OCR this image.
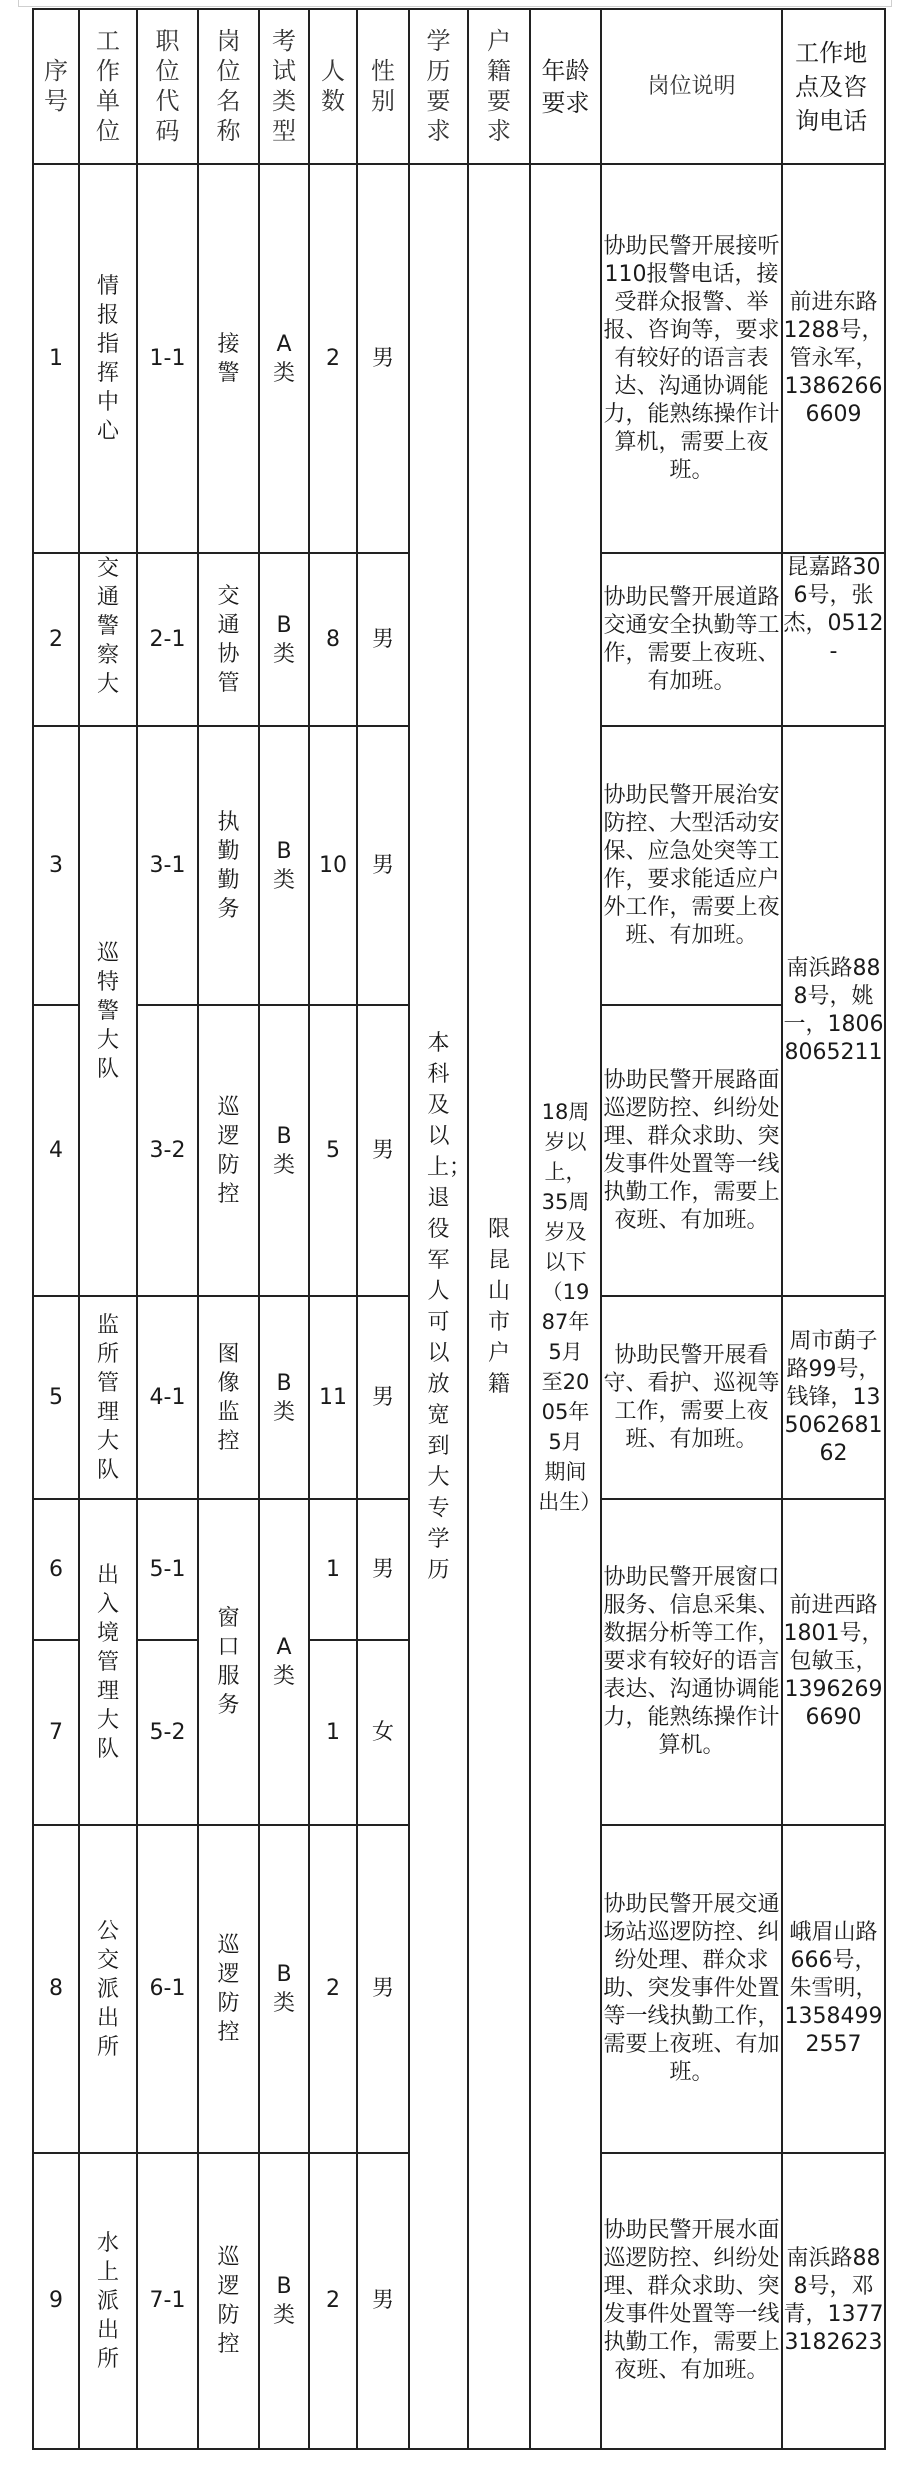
序号	工作单位	职位代码	岗位名称	考试类型	人数	性别	学历要求	户籍要求	年龄要求	岗位说明	工作地点及咨询电话
1	情报指挥中心	1-1	接警	A类	2	男	本科及以上；退役军人可以放宽到大专学历	限昆山市户籍	18周岁以上，35周岁及以下（1987年5月至2005年5月期间出生）	协助民警开展接听110报警电话，接受群众报警、举报、咨询等，要求有较好的语言表达、沟通协调能力，能熟练操作计算机，需要上夜班。	前进东路1288号，管永军，13862666609
2	交通警察大	2-1	交通协管	B类	8	男				协助民警开展道路交通安全执勤等工作，需要上夜班、有加班。	昆嘉路306号，张杰，0512-
3	巡特警大队	3-1	执勤勤务	B类	10	男				协助民警开展治安防控、大型活动安保、应急处突等工作，要求能适应户外工作，需要上夜班、有加班。	南浜路888号，姚一，18068065211
4		3-2	巡逻防控	B类	5	男				协助民警开展路面巡逻防控、纠纷处理、群众求助、突发事件处置等一线执勤工作，需要上夜班、有加班。	
5	监所管理大队	4-1	图像监控	B类	11	男				协助民警开展看守、看护、巡视等工作，需要上夜班、有加班。	周市蓢子路99号，钱锋，13506268162
6	出入境管理大队	5-1	窗口服务	A类	1	男				协助民警开展窗口服务、信息采集、数据分析等工作，要求有较好的语言表达、沟通协调能力，能熟练操作计算机。	前进西路1801号，包敏玉，13962696690
7		5-2			1	女					
8	公交派出所	6-1	巡逻防控	B类	2	男				协助民警开展交通场站巡逻防控、纠纷处理、群众求助、突发事件处置等一线执勤工作，需要上夜班、有加班。	峨眉山路666号，朱雪明，13584992557
9	水上派出所	7-1	巡逻防控	B类	2	男				协助民警开展水面巡逻防控、纠纷处理、群众求助、突发事件处置等一线执勤工作，需要上夜班、有加班。	南浜路888号，邓青，13773182623
